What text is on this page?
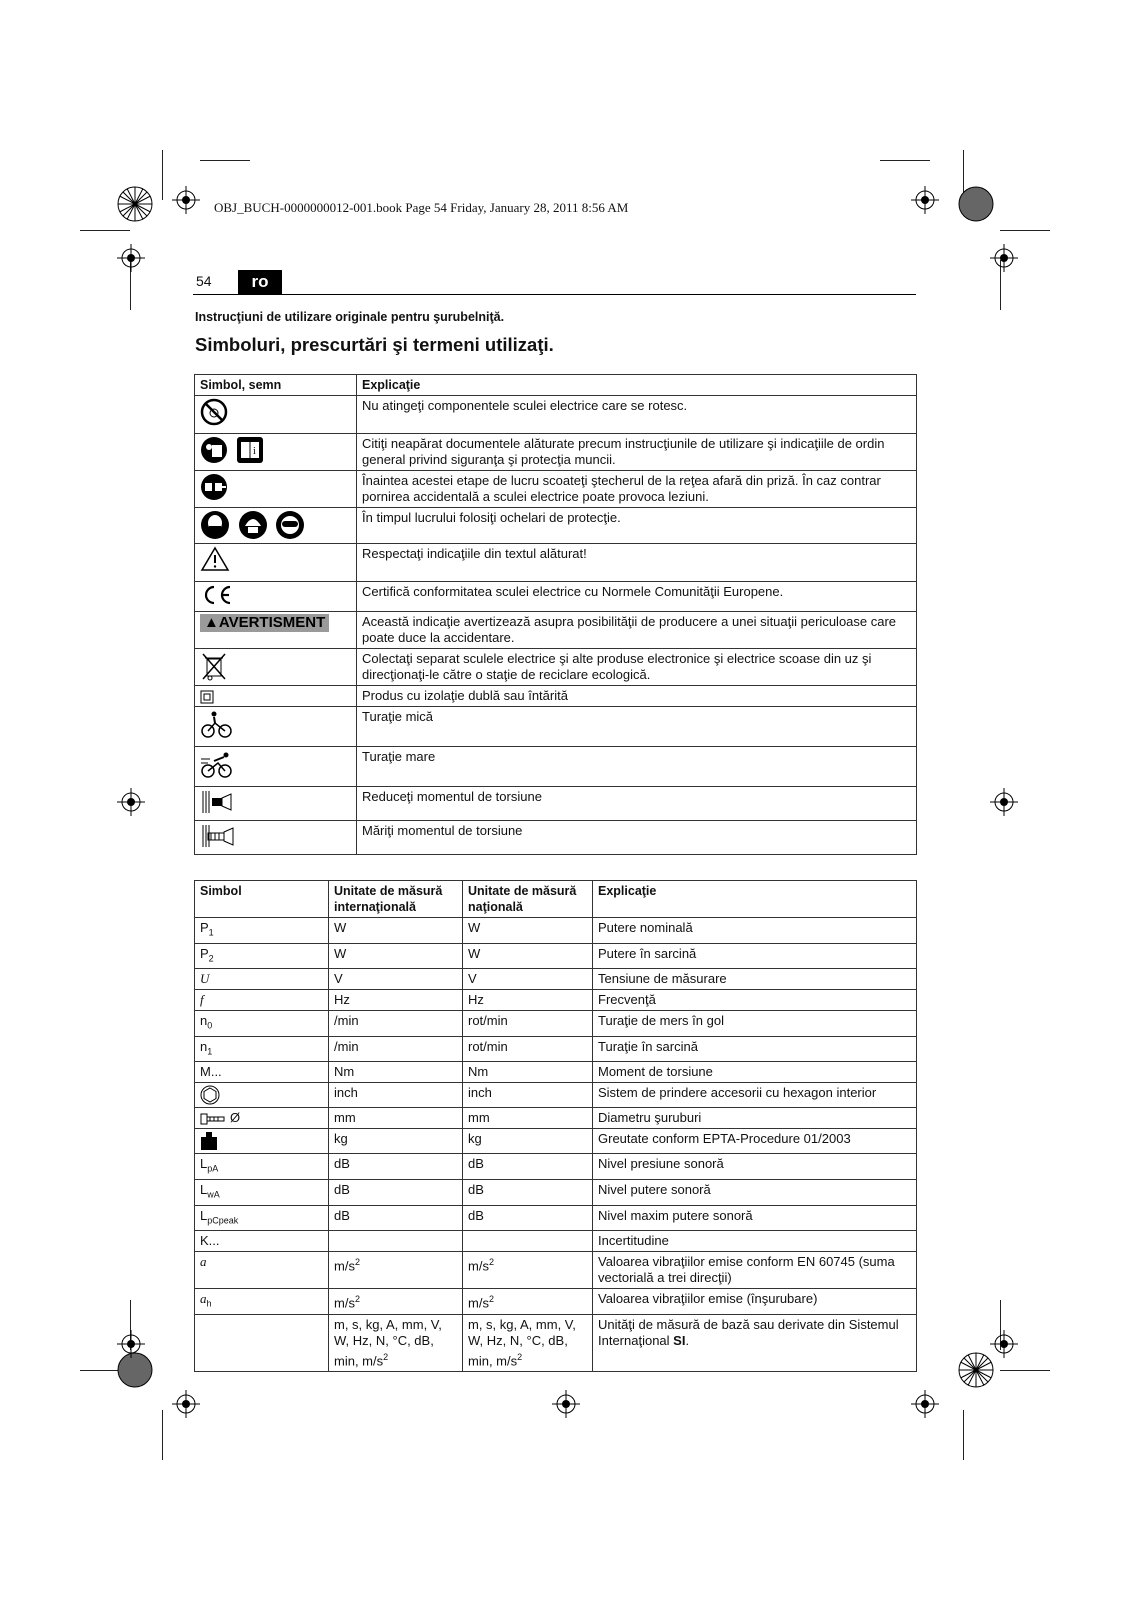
OBJ_BUCH-0000000012-001.book Page 54 Friday, January 28, 2011 8:56 AM
54	ro
Instrucţiuni de utilizare originale pentru şurubelniţă.
Simboluri, prescurtări şi termeni utilizaţi.
Simbol, semn	Explicaţie
	Nu atingeţi componentele sculei electrice care se rotesc.

i	Citiţi neapărat documentele alăturate precum instrucţiunile de utilizare şi indicaţiile de ordin general privind siguranţa şi protecţia muncii.
	Înaintea acestei etape de lucru scoateţi ştecherul de la reţea afară din priză. În caz contrar pornirea accidentală a sculei electrice poate provoca leziuni.
	În timpul lucrului folosiţi ochelari de protecţie.
	Respectaţi indicaţiile din textul alăturat!
	Certifică conformitatea sculei electrice cu Normele Comunităţii Europene.
▲AVERTISMENT	Această indicaţie avertizează asupra posibilităţii de producere a unei situaţii periculoase care poate duce la accidentare.
	Colectaţi separat sculele electrice şi alte produse electronice şi electrice scoase din uz şi direcţionaţi-le către o staţie de reciclare ecologică.
	Produs cu izolaţie dublă sau întărită
	Turaţie mică
	Turaţie mare
	Reduceţi momentul de torsiune
	Măriţi momentul de torsiune
Simbol	Unitate de măsură internaţională	Unitate de măsură naţională	Explicaţie
$P_1$	W	W	Putere nominală
$P_2$	W	W	Putere în sarcină
U	V	V	Tensiune de măsurare
f	Hz	Hz	Frecvenţă
$n_0$	/min	rot/min	Turaţie de mers în gol
$n_1$	/min	rot/min	Turaţie în sarcină
M...	Nm	Nm	Moment de torsiune
	inch	inch	Sistem de prindere accesorii cu hexagon interior
Ø	mm	mm	Diametru şuruburi
	kg	kg	Greutate conform EPTA-Procedure 01/2003
$L_{pA}$	dB	dB	Nivel presiune sonoră
$L_{wA}$	dB	dB	Nivel putere sonoră
$L_{pCpeak}$	dB	dB	Nivel maxim putere sonoră
K...			Incertitudine
a	$m/s^2$	$m/s^2$	Valoarea vibraţiilor emise conform EN 60745 (suma vectorială a trei direcţii)
$a_h$	$m/s^2$	$m/s^2$	Valoarea vibraţiilor emise (înşurubare)
	m, s, kg, A, mm, V, W, Hz, N, °C, dB, min, $m/s^2$	m, s, kg, A, mm, V, W, Hz, N, °C, dB, min, $m/s^2$	Unităţi de măsură de bază sau derivate din Sistemul Internaţional SI.
